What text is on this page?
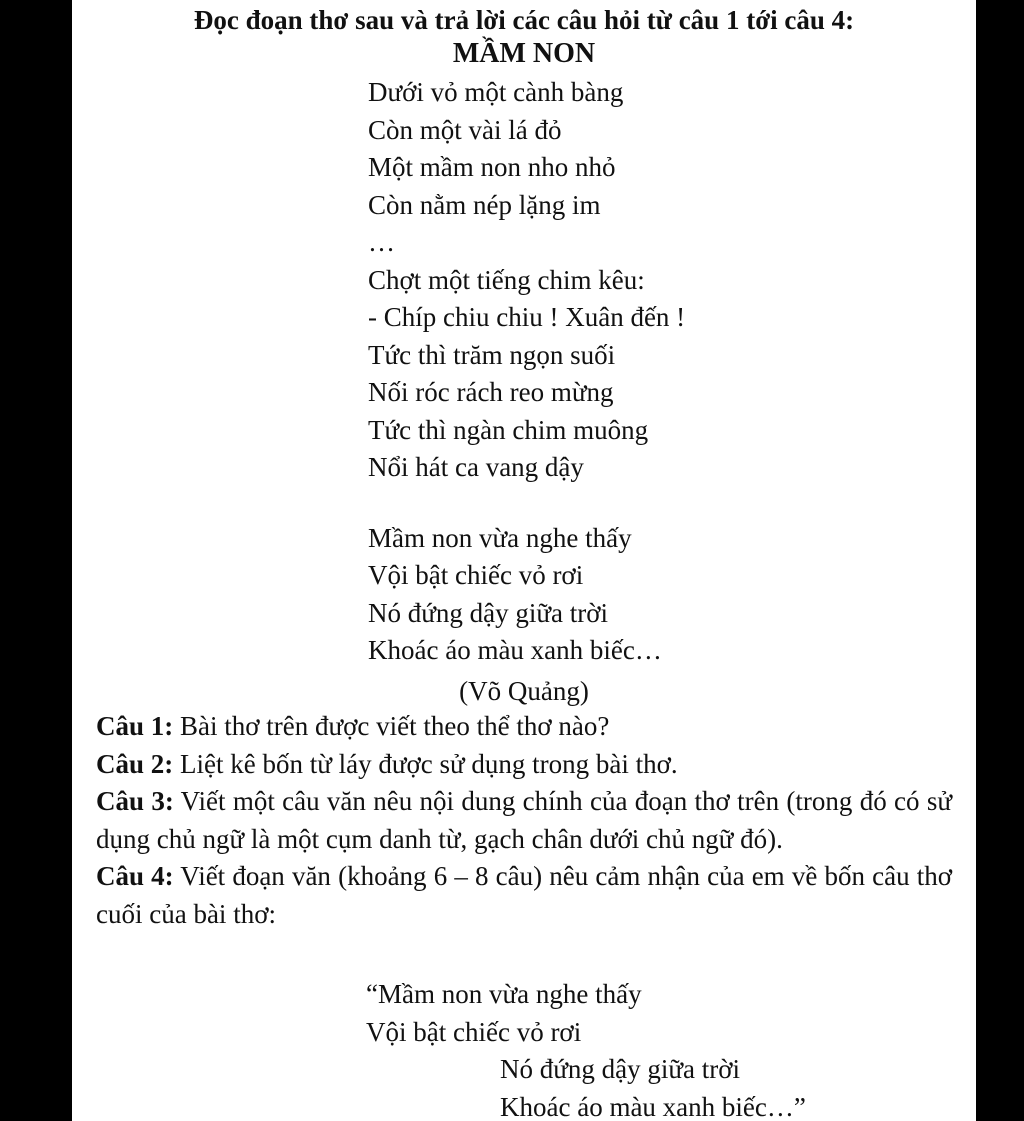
Đọc đoạn thơ sau và trả lời các câu hỏi từ câu 1 tới câu 4:
MẦM NON
Dưới vỏ một cành bàng
Còn một vài lá đỏ
Một mầm non nho nhỏ
Còn nằm nép lặng im
…
Chợt một tiếng chim kêu:
- Chíp chiu chiu ! Xuân đến !
Tức thì trăm ngọn suối
Nối róc rách reo mừng
Tức thì ngàn chim muông
Nổi hát ca vang dậy
Mầm non vừa nghe thấy
Vội bật chiếc vỏ rơi
Nó đứng dậy giữa trời
Khoác áo màu xanh biếc…
(Võ Quảng)
Câu 1: Bài thơ trên được viết theo thể thơ nào?
Câu 2: Liệt kê bốn từ láy được sử dụng trong bài thơ.
Câu 3: Viết một câu văn nêu nội dung chính của đoạn thơ trên (trong đó có sử dụng chủ ngữ là một cụm danh từ, gạch chân dưới chủ ngữ đó).
Câu 4: Viết đoạn văn (khoảng 6 – 8 câu) nêu cảm nhận của em về bốn câu thơ cuối của bài thơ:
“Mầm non vừa nghe thấy
Vội bật chiếc vỏ rơi
Nó đứng dậy giữa trời
Khoác áo màu xanh biếc…”
